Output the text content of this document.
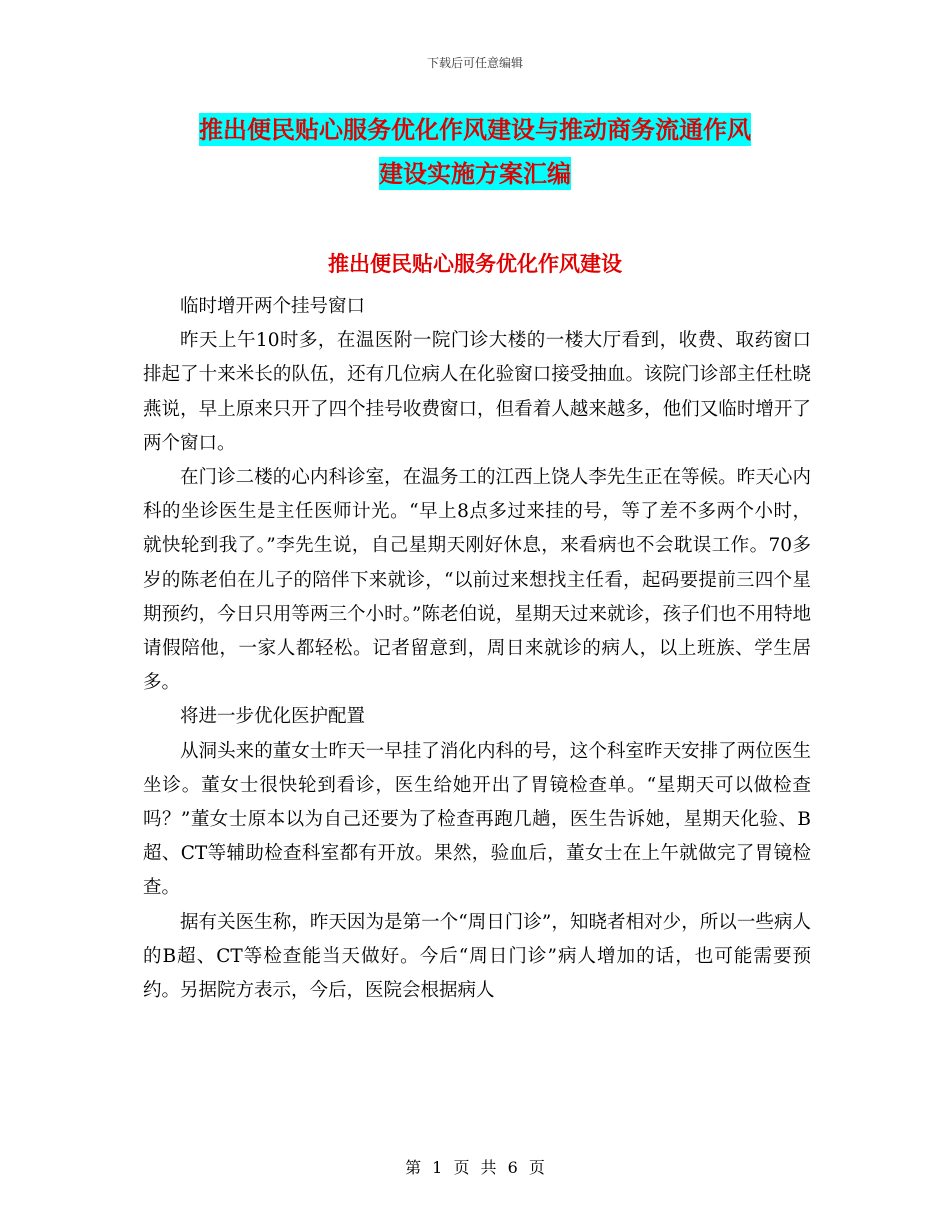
下载后可任意编辑
推出便民贴心服务优化作风建设与推动商务流通作风
建设实施方案汇编
推出便民贴心服务优化作风建设

临时增开两个挂号窗口

昨天上午10时多，在温医附一院门诊大楼的一楼大厅看到，收费、取药窗口排起了十来米长的队伍，还有几位病人在化验窗口接受抽血。该院门诊部主任杜晓燕说，早上原来只开了四个挂号收费窗口，但看着人越来越多，他们又临时增开了两个窗口。

在门诊二楼的心内科诊室，在温务工的江西上饶人李先生正在等候。昨天心内科的坐诊医生是主任医师计光。“早上8点多过来挂的号，等了差不多两个小时，就快轮到我了。”李先生说，自己星期天刚好休息，来看病也不会耽误工作。70多岁的陈老伯在儿子的陪伴下来就诊，“以前过来想找主任看，起码要提前三四个星期预约，今日只用等两三个小时。”陈老伯说，星期天过来就诊，孩子们也不用特地请假陪他，一家人都轻松。记者留意到，周日来就诊的病人，以上班族、学生居多。

将进一步优化医护配置

从洞头来的董女士昨天一早挂了消化内科的号，这个科室昨天安排了两位医生坐诊。董女士很快轮到看诊，医生给她开出了胃镜检查单。“星期天可以做检查吗？”董女士原本以为自己还要为了检查再跑几趟，医生告诉她，星期天化验、B超、CT等辅助检查科室都有开放。果然，验血后，董女士在上午就做完了胃镜检查。

据有关医生称，昨天因为是第一个“周日门诊”，知晓者相对少，所以一些病人的B超、CT等检查能当天做好。今后“周日门诊”病人增加的话，也可能需要预约。另据院方表示，今后，医院会根据病人

第 1 页 共 6 页
